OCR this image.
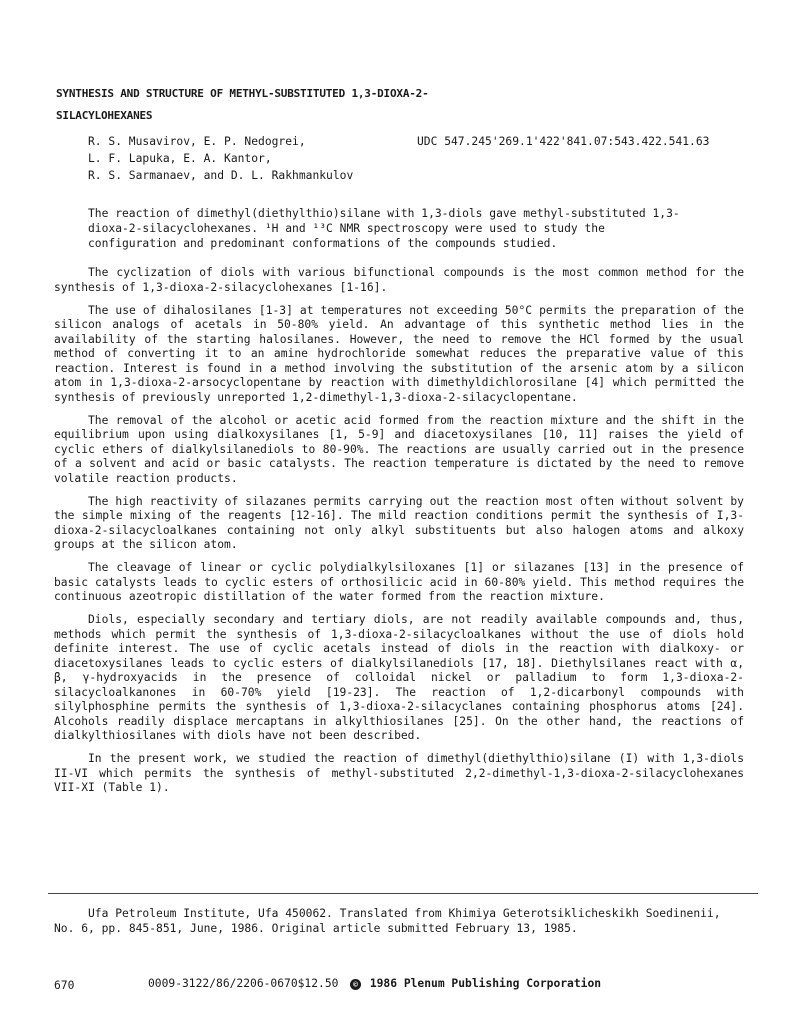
SYNTHESIS AND STRUCTURE OF METHYL-SUBSTITUTED 1,3-DIOXA-2-SILACYLOHEXANES
R. S. Musavirov, E. P. Nedogrei,
L. F. Lapuka, E. A. Kantor,
R. S. Sarmanaev, and D. L. Rakhmankulov
UDC 547.245'269.1'422'841.07:543.422.541.63
The reaction of dimethyl(diethylthio)silane with 1,3-diols gave methyl-substituted 1,3-dioxa-2-silacyclohexanes. ¹H and ¹³C NMR spectroscopy were used to study the configuration and predominant conformations of the compounds studied.

The cyclization of diols with various bifunctional compounds is the most common method for the synthesis of 1,3-dioxa-2-silacyclohexanes [1-16].

The use of dihalosilanes [1-3] at temperatures not exceeding 50°C permits the preparation of the silicon analogs of acetals in 50-80% yield. An advantage of this synthetic method lies in the availability of the starting halosilanes. However, the need to remove the HCl formed by the usual method of converting it to an amine hydrochloride somewhat reduces the preparative value of this reaction. Interest is found in a method involving the substitution of the arsenic atom by a silicon atom in 1,3-dioxa-2-arsocyclopentane by reaction with dimethyldichlorosilane [4] which permitted the synthesis of previously unreported 1,2-dimethyl-1,3-dioxa-2-silacyclopentane.

The removal of the alcohol or acetic acid formed from the reaction mixture and the shift in the equilibrium upon using dialkoxysilanes [1, 5-9] and diacetoxysilanes [10, 11] raises the yield of cyclic ethers of dialkylsilanediols to 80-90%. The reactions are usually carried out in the presence of a solvent and acid or basic catalysts. The reaction temperature is dictated by the need to remove volatile reaction products.

The high reactivity of silazanes permits carrying out the reaction most often without solvent by the simple mixing of the reagents [12-16]. The mild reaction conditions permit the synthesis of I,3-dioxa-2-silacycloalkanes containing not only alkyl substituents but also halogen atoms and alkoxy groups at the silicon atom.

The cleavage of linear or cyclic polydialkylsiloxanes [1] or silazanes [13] in the presence of basic catalysts leads to cyclic esters of orthosilicic acid in 60-80% yield. This method requires the continuous azeotropic distillation of the water formed from the reaction mixture.

Diols, especially secondary and tertiary diols, are not readily available compounds and, thus, methods which permit the synthesis of 1,3-dioxa-2-silacycloalkanes without the use of diols hold definite interest. The use of cyclic acetals instead of diols in the reaction with dialkoxy- or diacetoxysilanes leads to cyclic esters of dialkylsilanediols [17, 18]. Diethylsilanes react with α, β, γ-hydroxyacids in the presence of colloidal nickel or palladium to form 1,3-dioxa-2-silacycloalkanones in 60-70% yield [19-23]. The reaction of 1,2-dicarbonyl compounds with silylphosphine permits the synthesis of 1,3-dioxa-2-silacyclanes containing phosphorus atoms [24]. Alcohols readily displace mercaptans in alkylthiosilanes [25]. On the other hand, the reactions of dialkylthiosilanes with diols have not been described.

In the present work, we studied the reaction of dimethyl(diethylthio)silane (I) with 1,3-diols II-VI which permits the synthesis of methyl-substituted 2,2-dimethyl-1,3-dioxa-2-silacyclohexanes VII-XI (Table 1).

Ufa Petroleum Institute, Ufa 450062. Translated from Khimiya Geterotsiklicheskikh Soedinenii, No. 6, pp. 845-851, June, 1986. Original article submitted February 13, 1985.
670	0009-3122/86/2206-0670$12.50	© 1986 Plenum Publishing Corporation
